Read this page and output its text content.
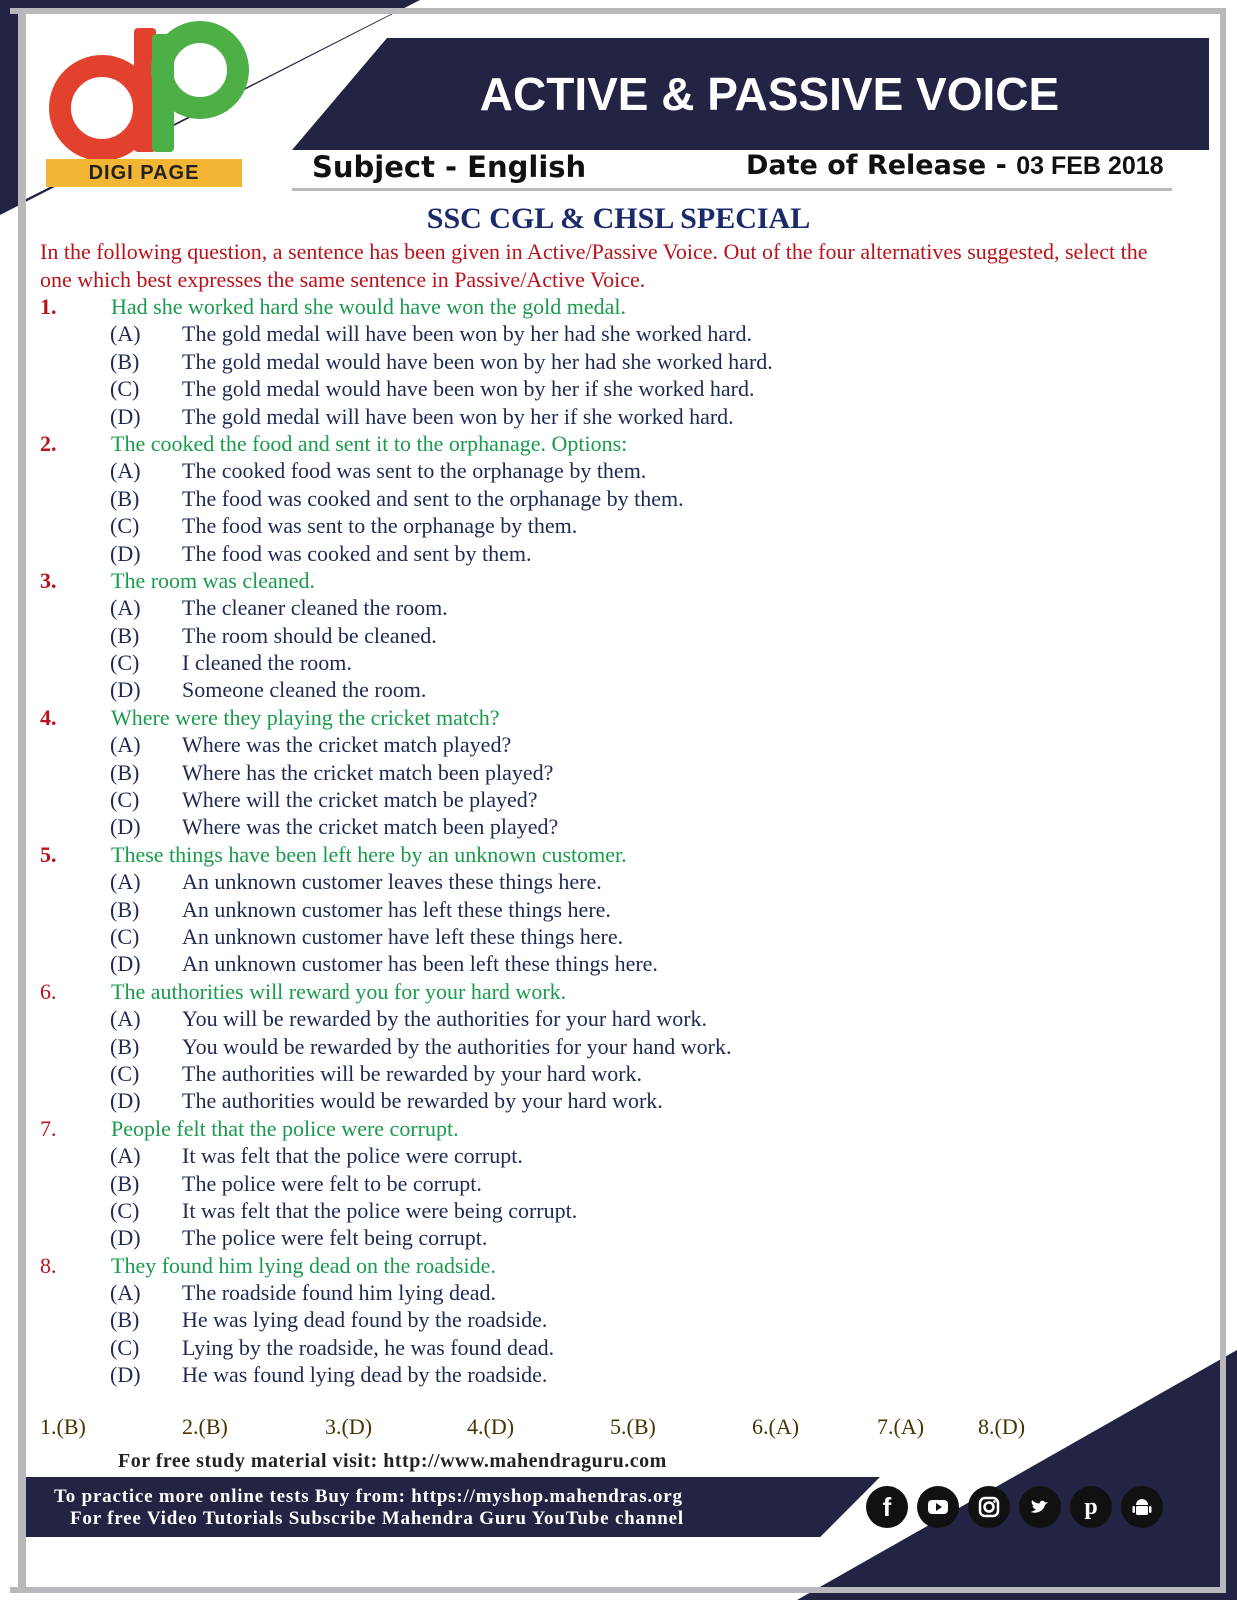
DIGI PAGE
ACTIVE & PASSIVE VOICE
Subject - English	Date of Release - 03 FEB 2018
SSC CGL & CHSL SPECIAL
In the following question, a sentence has been given in Active/Passive Voice. Out of the four alternatives suggested, select the one which best expresses the same sentence in Passive/Active Voice.
1. Had she worked hard she would have won the gold medal.
(A) The gold medal will have been won by her had she worked hard.
(B) The gold medal would have been won by her had she worked hard.
(C) The gold medal would have been won by her if she worked hard.
(D) The gold medal will have been won by her if she worked hard.
2. The cooked the food and sent it to the orphanage. Options:
(A) The cooked food was sent to the orphanage by them.
(B) The food was cooked and sent to the orphanage by them.
(C) The food was sent to the orphanage by them.
(D) The food was cooked and sent by them.
3. The room was cleaned.
(A) The cleaner cleaned the room.
(B) The room should be cleaned.
(C) I cleaned the room.
(D) Someone cleaned the room.
4. Where were they playing the cricket match?
(A) Where was the cricket match played?
(B) Where has the cricket match been played?
(C) Where will the cricket match be played?
(D) Where was the cricket match been played?
5. These things have been left here by an unknown customer.
(A) An unknown customer leaves these things here.
(B) An unknown customer has left these things here.
(C) An unknown customer have left these things here.
(D) An unknown customer has been left these things here.
6. The authorities will reward you for your hard work.
(A) You will be rewarded by the authorities for your hard work.
(B) You would be rewarded by the authorities for your hand work.
(C) The authorities will be rewarded by your hard work.
(D) The authorities would be rewarded by your hard work.
7. People felt that the police were corrupt.
(A) It was felt that the police were corrupt.
(B) The police were felt to be corrupt.
(C) It was felt that the police were being corrupt.
(D) The police were felt being corrupt.
8. They found him lying dead on the roadside.
(A) The roadside found him lying dead.
(B) He was lying dead found by the roadside.
(C) Lying by the roadside, he was found dead.
(D) He was found lying dead by the roadside.
1.(B)	2.(B)	3.(D)	4.(D)	5.(B)	6.(A)	7.(A) 8.(D)
For free study material visit: http://www.mahendraguru.com
To practice more online tests Buy from: https://myshop.mahendras.org
For free Video Tutorials Subscribe Mahendra Guru YouTube channel	f	p
